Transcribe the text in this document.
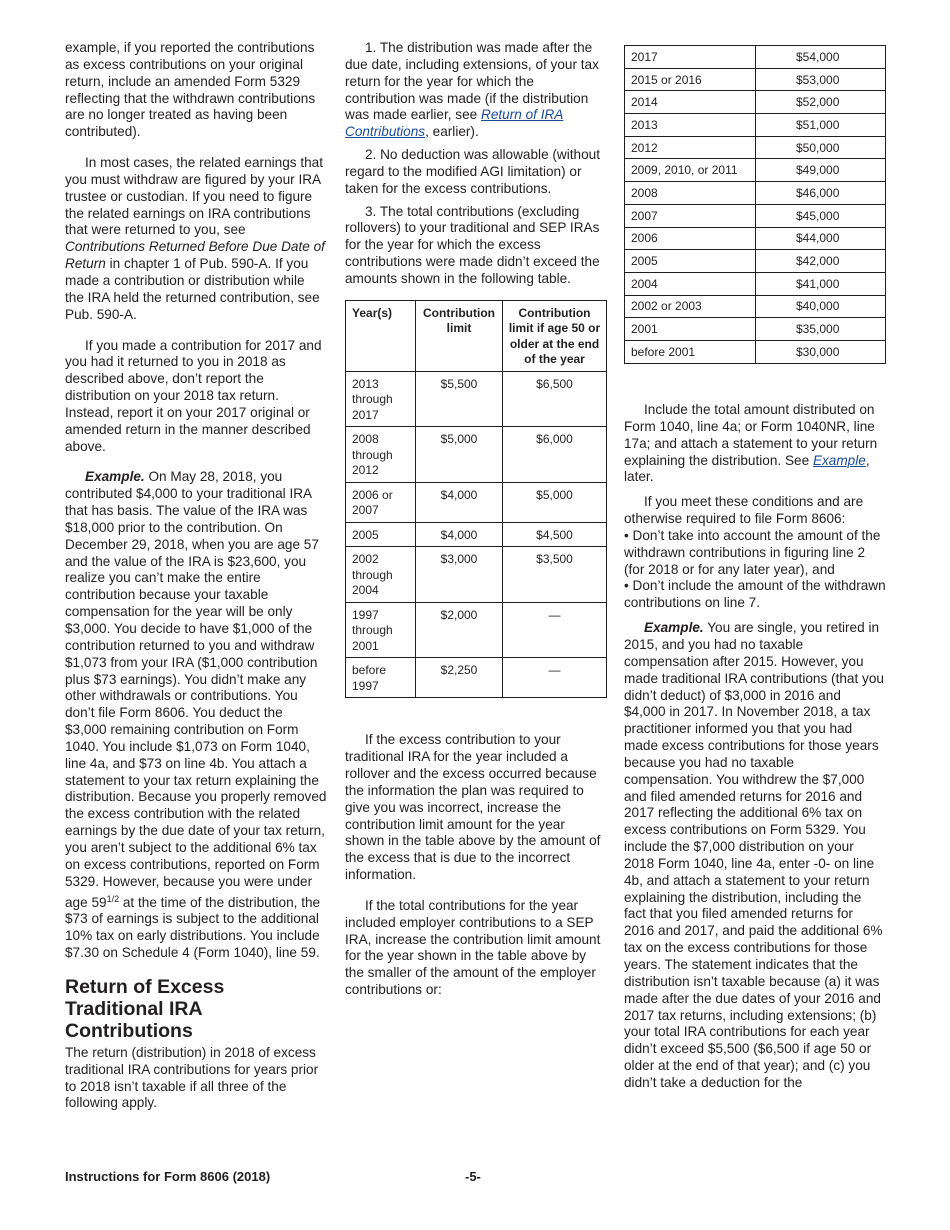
example, if you reported the contributions as excess contributions on your original return, include an amended Form 5329 reflecting that the withdrawn contributions are no longer treated as having been contributed).

In most cases, the related earnings that you must withdraw are figured by your IRA trustee or custodian. If you need to figure the related earnings on IRA contributions that were returned to you, see Contributions Returned Before Due Date of Return in chapter 1 of Pub. 590-A. If you made a contribution or distribution while the IRA held the returned contribution, see Pub. 590-A.

If you made a contribution for 2017 and you had it returned to you in 2018 as described above, don’t report the distribution on your 2018 tax return. Instead, report it on your 2017 original or amended return in the manner described above.

Example. On May 28, 2018, you contributed $4,000 to your traditional IRA that has basis. The value of the IRA was $18,000 prior to the contribution. On December 29, 2018, when you are age 57 and the value of the IRA is $23,600, you realize you can’t make the entire contribution because your taxable compensation for the year will be only $3,000. You decide to have $1,000 of the contribution returned to you and withdraw $1,073 from your IRA ($1,000 contribution plus $73 earnings). You didn’t make any other withdrawals or contributions. You don’t file Form 8606. You deduct the $3,000 remaining contribution on Form 1040. You include $1,073 on Form 1040, line 4a, and $73 on line 4b. You attach a statement to your tax return explaining the distribution. Because you properly removed the excess contribution with the related earnings by the due date of your tax return, you aren’t subject to the additional 6% tax on excess contributions, reported on Form 5329. However, because you were under age $59^{1/2}$ at the time of the distribution, the $73 of earnings is subject to the additional 10% tax on early distributions. You include $7.30 on Schedule 4 (Form 1040), line 59.

Return of Excess Traditional IRA Contributions

The return (distribution) in 2018 of excess traditional IRA contributions for years prior to 2018 isn’t taxable if all three of the following apply.

1. The distribution was made after the due date, including extensions, of your tax return for the year for which the contribution was made (if the distribution was made earlier, see Return of IRA Contributions, earlier).

2. No deduction was allowable (without regard to the modified AGI limitation) or taken for the excess contributions.

3. The total contributions (excluding rollovers) to your traditional and SEP IRAs for the year for which the excess contributions were made didn’t exceed the amounts shown in the following table.

Year(s)	Contribution limit	Contribution limit if age 50 or older at the end of the year
2013 through 2017	$5,500	$6,500
2008 through 2012	$5,000	$6,000
2006 or 2007	$4,000	$5,000
2005	$4,000	$4,500
2002 through 2004	$3,000	$3,500
1997 through 2001	$2,000	—
before 1997	$2,250	—

If the excess contribution to your traditional IRA for the year included a rollover and the excess occurred because the information the plan was required to give you was incorrect, increase the contribution limit amount for the year shown in the table above by the amount of the excess that is due to the incorrect information.

If the total contributions for the year included employer contributions to a SEP IRA, increase the contribution limit amount for the year shown in the table above by the smaller of the amount of the employer contributions or:

2017	$54,000
2015 or 2016	$53,000
2014	$52,000
2013	$51,000
2012	$50,000
2009, 2010, or 2011	$49,000
2008	$46,000
2007	$45,000
2006	$44,000
2005	$42,000
2004	$41,000
2002 or 2003	$40,000
2001	$35,000
before 2001	$30,000

Include the total amount distributed on Form 1040, line 4a; or Form 1040NR, line 17a; and attach a statement to your return explaining the distribution. See Example, later.

If you meet these conditions and are otherwise required to file Form 8606:

• Don’t take into account the amount of the withdrawn contributions in figuring line 2 (for 2018 or for any later year), and

• Don’t include the amount of the withdrawn contributions on line 7.

Example. You are single, you retired in 2015, and you had no taxable compensation after 2015. However, you made traditional IRA contributions (that you didn’t deduct) of $3,000 in 2016 and $4,000 in 2017. In November 2018, a tax practitioner informed you that you had made excess contributions for those years because you had no taxable compensation. You withdrew the $7,000 and filed amended returns for 2016 and 2017 reflecting the additional 6% tax on excess contributions on Form 5329. You include the $7,000 distribution on your 2018 Form 1040, line 4a, enter -0- on line 4b, and attach a statement to your return explaining the distribution, including the fact that you filed amended returns for 2016 and 2017, and paid the additional 6% tax on the excess contributions for those years. The statement indicates that the distribution isn’t taxable because (a) it was made after the due dates of your 2016 and 2017 tax returns, including extensions; (b) your total IRA contributions for each year didn’t exceed $5,500 ($6,500 if age 50 or older at the end of that year); and (c) you didn’t take a deduction for the

Instructions for Form 8606 (2018)	-5-
